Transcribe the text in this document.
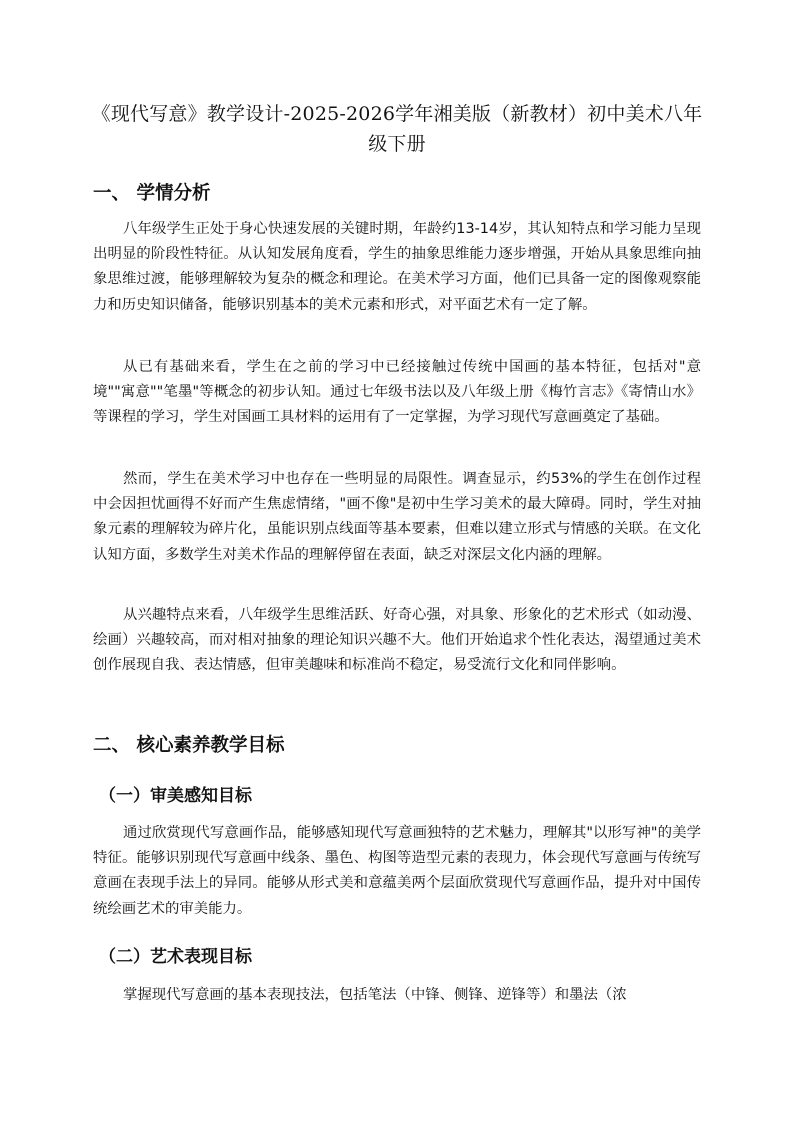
《现代写意》教学设计-2025-2026学年湘美版（新教材）初中美术八年级下册
一、 学情分析
八年级学生正处于身心快速发展的关键时期，年龄约13-14岁，其认知特点和学习能力呈现出明显的阶段性特征。从认知发展角度看，学生的抽象思维能力逐步增强，开始从具象思维向抽象思维过渡，能够理解较为复杂的概念和理论。在美术学习方面，他们已具备一定的图像观察能力和历史知识储备，能够识别基本的美术元素和形式，对平面艺术有一定了解。
从已有基础来看，学生在之前的学习中已经接触过传统中国画的基本特征，包括对"意境""寓意""笔墨"等概念的初步认知。通过七年级书法以及八年级上册《梅竹言志》《寄情山水》等课程的学习，学生对国画工具材料的运用有了一定掌握，为学习现代写意画奠定了基础。
然而，学生在美术学习中也存在一些明显的局限性。调查显示，约53%的学生在创作过程中会因担忧画得不好而产生焦虑情绪，"画不像"是初中生学习美术的最大障碍。同时，学生对抽象元素的理解较为碎片化，虽能识别点线面等基本要素，但难以建立形式与情感的关联。在文化认知方面，多数学生对美术作品的理解停留在表面，缺乏对深层文化内涵的理解。
从兴趣特点来看，八年级学生思维活跃、好奇心强，对具象、形象化的艺术形式（如动漫、绘画）兴趣较高，而对相对抽象的理论知识兴趣不大。他们开始追求个性化表达，渴望通过美术创作展现自我、表达情感，但审美趣味和标准尚不稳定，易受流行文化和同伴影响。
二、 核心素养教学目标
（一）审美感知目标
通过欣赏现代写意画作品，能够感知现代写意画独特的艺术魅力，理解其"以形写神"的美学特征。能够识别现代写意画中线条、墨色、构图等造型元素的表现力，体会现代写意画与传统写意画在表现手法上的异同。能够从形式美和意蕴美两个层面欣赏现代写意画作品，提升对中国传统绘画艺术的审美能力。
（二）艺术表现目标
掌握现代写意画的基本表现技法，包括笔法（中锋、侧锋、逆锋等）和墨法（浓
